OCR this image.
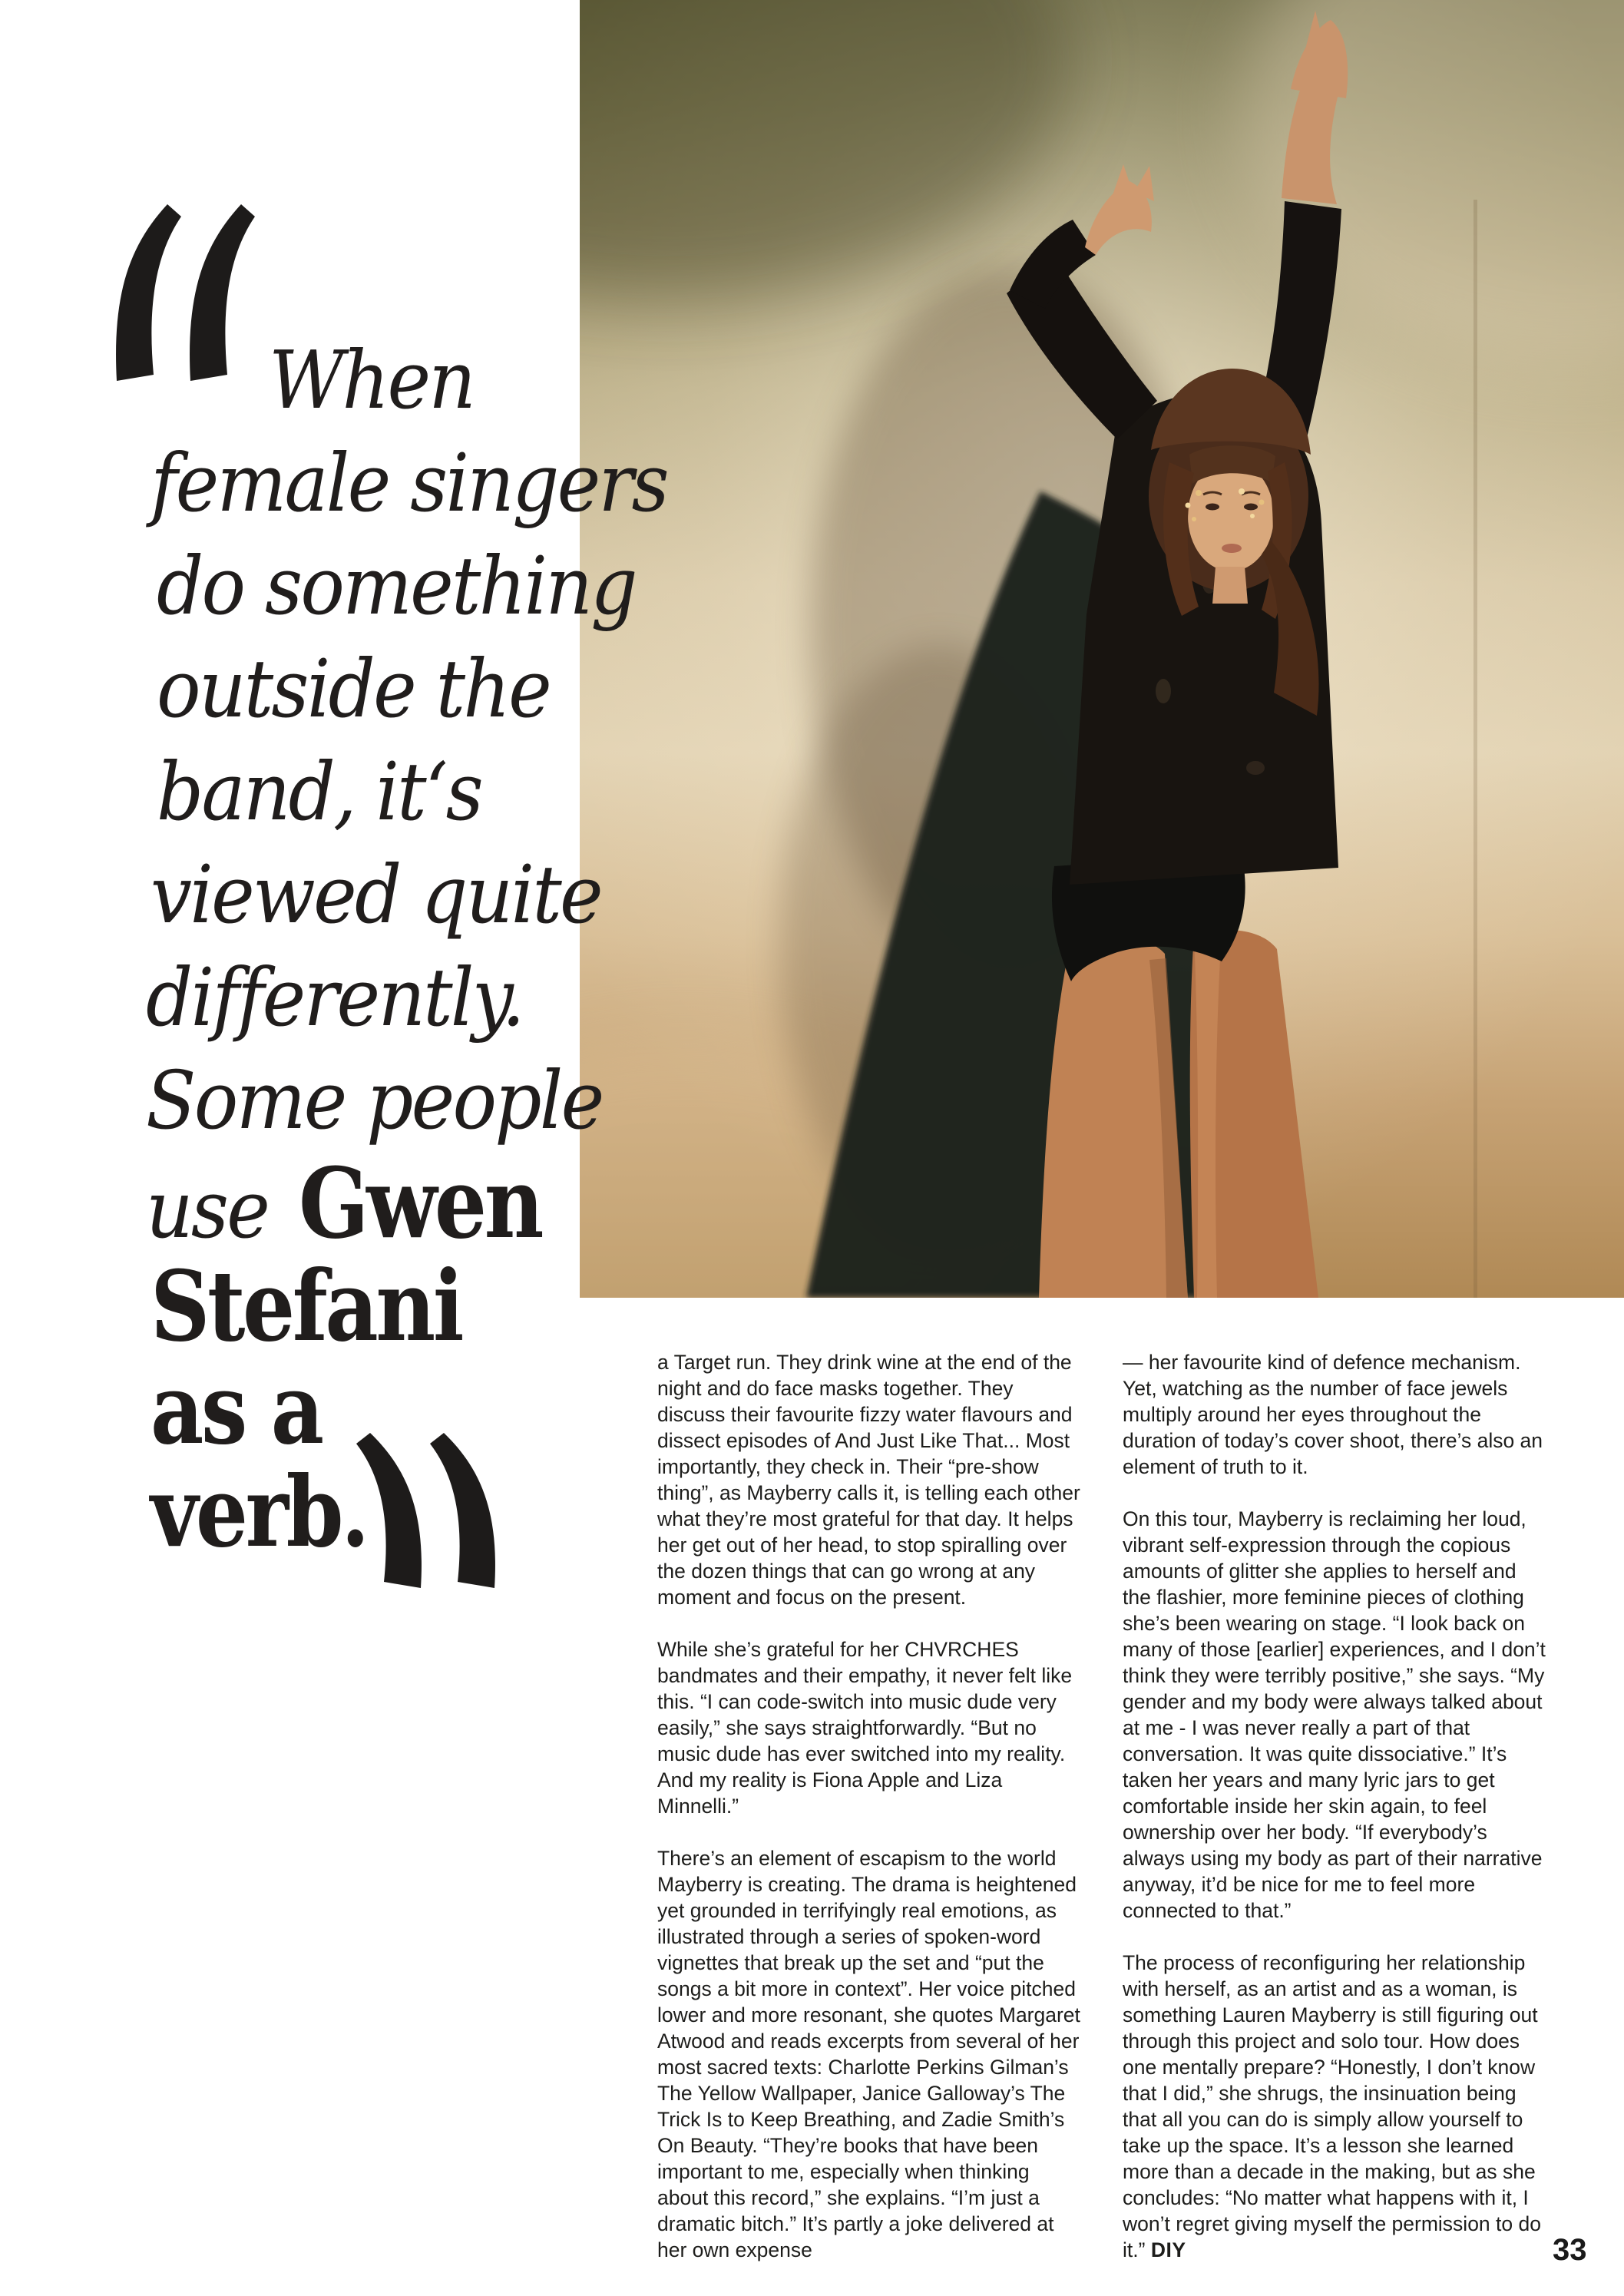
When
female singers
do something
outside the
band, it‘s
viewed quite
differently.
Some people
use Gwen
Stefani
as a
verb.

a Target run. They drink wine at the end of the night and do face masks together. They discuss their favourite fizzy water flavours and dissect episodes of And Just Like That... Most importantly, they check in. Their “pre-show thing”, as Mayberry calls it, is telling each other what they’re most grateful for that day. It helps her get out of her head, to stop spiralling over the dozen things that can go wrong at any moment and focus on the present.

While she’s grateful for her CHVRCHES bandmates and their empathy, it never felt like this. “I can code-switch into music dude very easily,” she says straightforwardly. “But no music dude has ever switched into my reality. And my reality is Fiona Apple and Liza Minnelli.”

There’s an element of escapism to the world Mayberry is creating. The drama is heightened yet grounded in terrifyingly real emotions, as illustrated through a series of spoken-word vignettes that break up the set and “put the songs a bit more in context”. Her voice pitched lower and more resonant, she quotes Margaret Atwood and reads excerpts from several of her most sacred texts: Charlotte Perkins Gilman’s The Yellow Wallpaper, Janice Galloway’s The Trick Is to Keep Breathing, and Zadie Smith’s On Beauty. “They’re books that have been important to me, especially when thinking about this record,” she explains. “I’m just a dramatic bitch.” It’s partly a joke delivered at her own expense

— her favourite kind of defence mechanism. Yet, watching as the number of face jewels multiply around her eyes throughout the duration of today’s cover shoot, there’s also an element of truth to it.

On this tour, Mayberry is reclaiming her loud, vibrant self-expression through the copious amounts of glitter she applies to herself and the flashier, more feminine pieces of clothing she’s been wearing on stage. “I look back on many of those [earlier] experiences, and I don’t think they were terribly positive,” she says. “My gender and my body were always talked about at me - I was never really a part of that conversation. It was quite dissociative.” It’s taken her years and many lyric jars to get comfortable inside her skin again, to feel ownership over her body. “If everybody’s always using my body as part of their narrative anyway, it’d be nice for me to feel more connected to that.”

The process of reconfiguring her relationship with herself, as an artist and as a woman, is something Lauren Mayberry is still figuring out through this project and solo tour. How does one mentally prepare? “Honestly, I don’t know that I did,” she shrugs, the insinuation being that all you can do is simply allow yourself to take up the space. It’s a lesson she learned more than a decade in the making, but as she concludes: “No matter what happens with it, I won’t regret giving myself the permission to do it.” DIY	33
